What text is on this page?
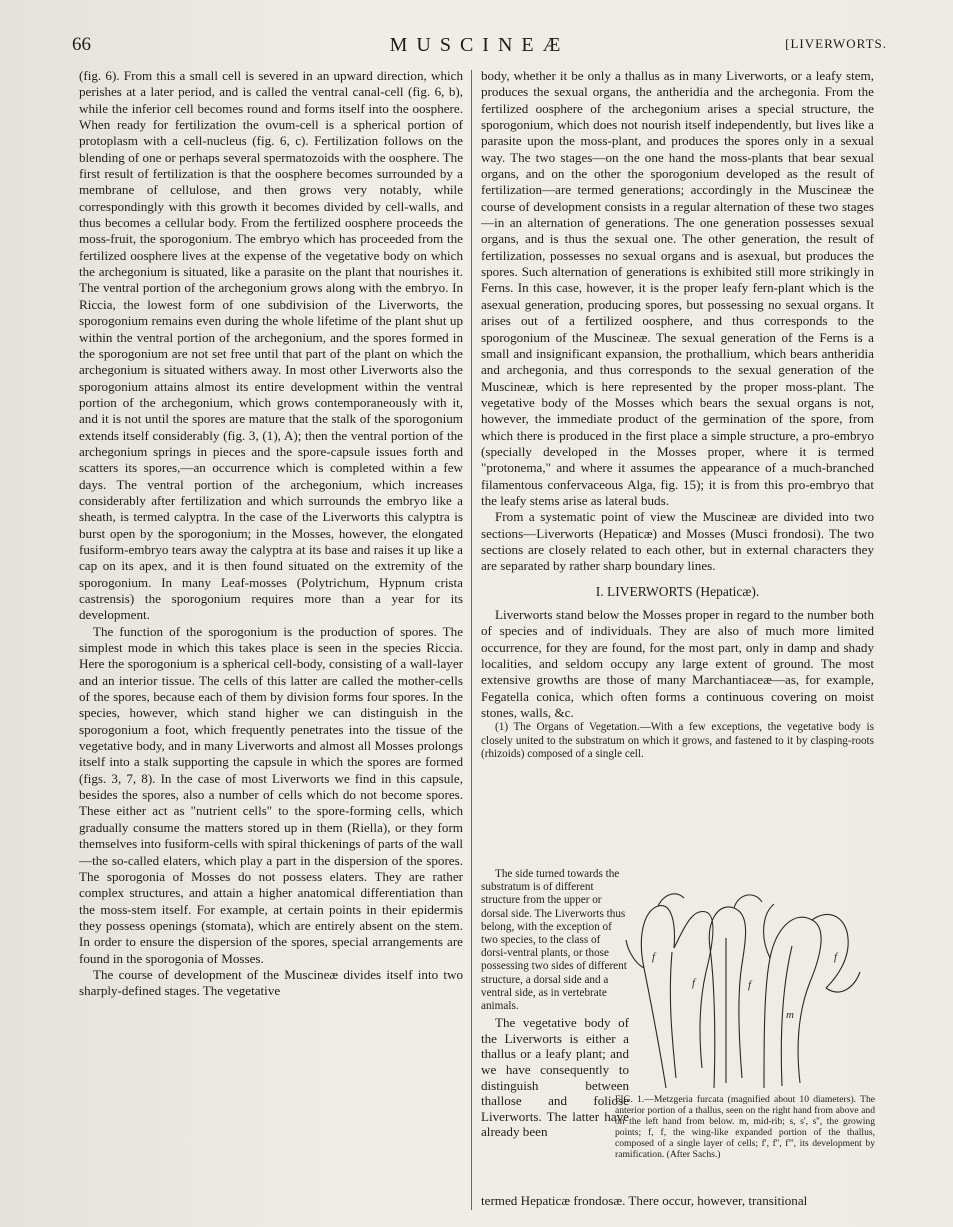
66	MUSCINEÆ	[LIVERWORTS.

(fig. 6). From this a small cell is severed in an upward direction, which perishes at a later period, and is called the ventral canal-cell (fig. 6, b), while the inferior cell becomes round and forms itself into the oosphere. When ready for fertilization the ovum-cell is a spherical portion of protoplasm with a cell-nucleus (fig. 6, c). Fertilization follows on the blending of one or perhaps several spermatozoids with the oosphere. The first result of fertilization is that the oosphere becomes surrounded by a membrane of cellulose, and then grows very notably, while correspondingly with this growth it becomes divided by cell-walls, and thus becomes a cellular body. From the fertilized oosphere proceeds the moss-fruit, the sporogonium. The embryo which has proceeded from the fertilized oosphere lives at the expense of the vegetative body on which the archegonium is situated, like a parasite on the plant that nourishes it. The ventral portion of the archegonium grows along with the embryo. In Riccia, the lowest form of one subdivision of the Liverworts, the sporogonium remains even during the whole lifetime of the plant shut up within the ventral portion of the archegonium, and the spores formed in the sporogonium are not set free until that part of the plant on which the archegonium is situated withers away. In most other Liverworts also the sporogonium attains almost its entire development within the ventral portion of the archegonium, which grows contemporaneously with it, and it is not until the spores are mature that the stalk of the sporogonium extends itself considerably (fig. 3, (1), A); then the ventral portion of the archegonium springs in pieces and the spore-capsule issues forth and scatters its spores,—an occurrence which is completed within a few days. The ventral portion of the archegonium, which increases considerably after fertilization and which surrounds the embryo like a sheath, is termed calyptra. In the case of the Liverworts this calyptra is burst open by the sporogonium; in the Mosses, however, the elongated fusiform-embryo tears away the calyptra at its base and raises it up like a cap on its apex, and it is then found situated on the extremity of the sporogonium. In many Leaf-mosses (Polytrichum, Hypnum crista castrensis) the sporogonium requires more than a year for its development.

The function of the sporogonium is the production of spores. The simplest mode in which this takes place is seen in the species Riccia. Here the sporogonium is a spherical cell-body, consisting of a wall-layer and an interior tissue. The cells of this latter are called the mother-cells of the spores, because each of them by division forms four spores. In the species, however, which stand higher we can distinguish in the sporogonium a foot, which frequently penetrates into the tissue of the vegetative body, and in many Liverworts and almost all Mosses prolongs itself into a stalk supporting the capsule in which the spores are formed (figs. 3, 7, 8). In the case of most Liverworts we find in this capsule, besides the spores, also a number of cells which do not become spores. These either act as "nutrient cells" to the spore-forming cells, which gradually consume the matters stored up in them (Riella), or they form themselves into fusiform-cells with spiral thickenings of parts of the wall—the so-called elaters, which play a part in the dispersion of the spores. The sporogonia of Mosses do not possess elaters. They are rather complex structures, and attain a higher anatomical differentiation than the moss-stem itself. For example, at certain points in their epidermis they possess openings (stomata), which are entirely absent on the stem. In order to ensure the dispersion of the spores, special arrangements are found in the sporogonia of Mosses.

The course of development of the Muscineæ divides itself into two sharply-defined stages. The vegetative

body, whether it be only a thallus as in many Liverworts, or a leafy stem, produces the sexual organs, the antheridia and the archegonia. From the fertilized oosphere of the archegonium arises a special structure, the sporogonium, which does not nourish itself independently, but lives like a parasite upon the moss-plant, and produces the spores only in a sexual way. The two stages—on the one hand the moss-plants that bear sexual organs, and on the other the sporogonium developed as the result of fertilization—are termed generations; accordingly in the Muscineæ the course of development consists in a regular alternation of these two stages—in an alternation of generations. The one generation possesses sexual organs, and is thus the sexual one. The other generation, the result of fertilization, possesses no sexual organs and is asexual, but produces the spores. Such alternation of generations is exhibited still more strikingly in Ferns. In this case, however, it is the proper leafy fern-plant which is the asexual generation, producing spores, but possessing no sexual organs. It arises out of a fertilized oosphere, and thus corresponds to the sporogonium of the Muscineæ. The sexual generation of the Ferns is a small and insignificant expansion, the prothallium, which bears antheridia and archegonia, and thus corresponds to the sexual generation of the Muscineæ, which is here represented by the proper moss-plant. The vegetative body of the Mosses which bears the sexual organs is not, however, the immediate product of the germination of the spore, from which there is produced in the first place a simple structure, a pro-embryo (specially developed in the Mosses proper, where it is termed "protonema," and where it assumes the appearance of a much-branched filamentous confervaceous Alga, fig. 15); it is from this pro-embryo that the leafy stems arise as lateral buds.

From a systematic point of view the Muscineæ are divided into two sections—Liverworts (Hepaticæ) and Mosses (Musci frondosi). The two sections are closely related to each other, but in external characters they are separated by rather sharp boundary lines.

I. LIVERWORTS (Hepaticæ).

Liverworts stand below the Mosses proper in regard to the number both of species and of individuals. They are also of much more limited occurrence, for they are found, for the most part, only in damp and shady localities, and seldom occupy any large extent of ground. The most extensive growths are those of many Marchantiaceæ—as, for example, Fegatella conica, which often forms a continuous covering on moist stones, walls, &c.

(1) The Organs of Vegetation.—With a few exceptions, the vegetative body is closely united to the substratum on which it grows, and fastened to it by clasping-roots (rhizoids) composed of a single cell.

The side turned towards the substratum is of different structure from the upper or dorsal side. The Liverworts thus belong, with the exception of two species, to the class of dorsi-ventral plants, or those possessing two sides of different structure, a dorsal side and a ventral side, as in vertebrate animals.

The vegetative body of the Liverworts is either a thallus or a leafy plant; and we have consequently to distinguish between thallose and foliose Liverworts. The latter have already been

f
f	f
f
m
FIG. 1.—Metzgeria furcata (magnified about 10 diameters). The anterior portion of a thallus, seen on the right hand from above and on the left hand from below. m, mid-rib; s, s', s'', the growing points; f, f, the wing-like expanded portion of the thallus, composed of a single layer of cells; f', f'', f''', its development by ramification. (After Sachs.)
termed Hepaticæ frondosæ. There occur, however, transitional
